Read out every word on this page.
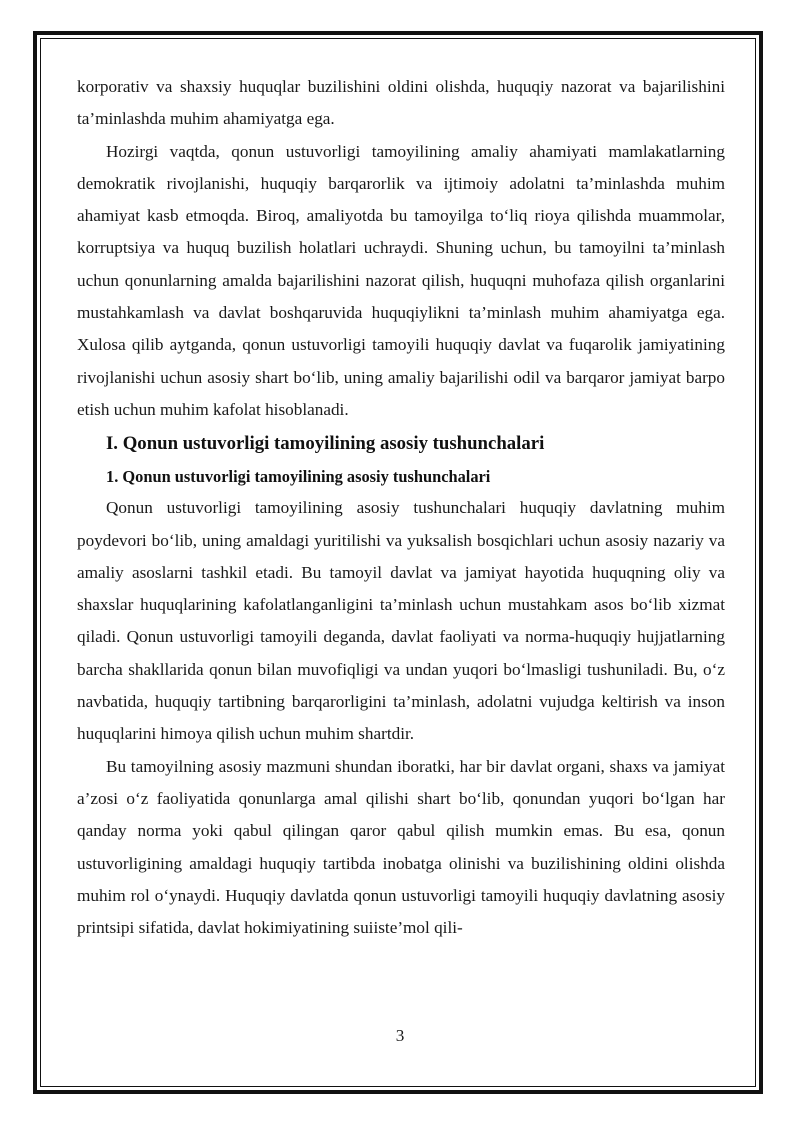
korporativ va shaxsiy huquqlar buzilishini oldini olishda, huquqiy nazorat va bajarilishini ta’minlashda muhim ahamiyatga ega.

Hozirgi vaqtda, qonun ustuvorligi tamoyilining amaliy ahamiyati mamlakatlarning demokratik rivojlanishi, huquqiy barqarorlik va ijtimoiy adolatni ta’minlashda muhim ahamiyat kasb etmoqda. Biroq, amaliyotda bu tamoyilga to‘liq rioya qilishda muammolar, korruptsiya va huquq buzilish holatlari uchraydi. Shuning uchun, bu tamoyilni ta’minlash uchun qonunlarning amalda bajarilishini nazorat qilish, huquqni muhofaza qilish organlarini mustahkamlash va davlat boshqaruvida huquqiylikni ta’minlash muhim ahamiyatga ega. Xulosa qilib aytganda, qonun ustuvorligi tamoyili huquqiy davlat va fuqarolik jamiyatining rivojlanishi uchun asosiy shart bo‘lib, uning amaliy bajarilishi odil va barqaror jamiyat barpo etish uchun muhim kafolat hisoblanadi.

I. Qonun ustuvorligi tamoyilining asosiy tushunchalari
1. Qonun ustuvorligi tamoyilining asosiy tushunchalari

Qonun ustuvorligi tamoyilining asosiy tushunchalari huquqiy davlatning muhim poydevori bo‘lib, uning amaldagi yuritilishi va yuksalish bosqichlari uchun asosiy nazariy va amaliy asoslarni tashkil etadi. Bu tamoyil davlat va jamiyat hayotida huquqning oliy va shaxslar huquqlarining kafolatlanganligini ta’minlash uchun mustahkam asos bo‘lib xizmat qiladi. Qonun ustuvorligi tamoyili deganda, davlat faoliyati va norma-huquqiy hujjatlarning barcha shakllarida qonun bilan muvofiqligi va undan yuqori bo‘lmasligi tushuniladi. Bu, o‘z navbatida, huquqiy tartibning barqarorligini ta’minlash, adolatni vujudga keltirish va inson huquqlarini himoya qilish uchun muhim shartdir.

Bu tamoyilning asosiy mazmuni shundan iboratki, har bir davlat organi, shaxs va jamiyat a’zosi o‘z faoliyatida qonunlarga amal qilishi shart bo‘lib, qonundan yuqori bo‘lgan har qanday norma yoki qabul qilingan qaror qabul qilish mumkin emas. Bu esa, qonun ustuvorligining amaldagi huquqiy tartibda inobatga olinishi va buzilishining oldini olishda muhim rol o‘ynaydi. Huquqiy davlatda qonun ustuvorligi tamoyili huquqiy davlatning asosiy printsipi sifatida, davlat hokimiyatining suiiste’mol qili-

3
